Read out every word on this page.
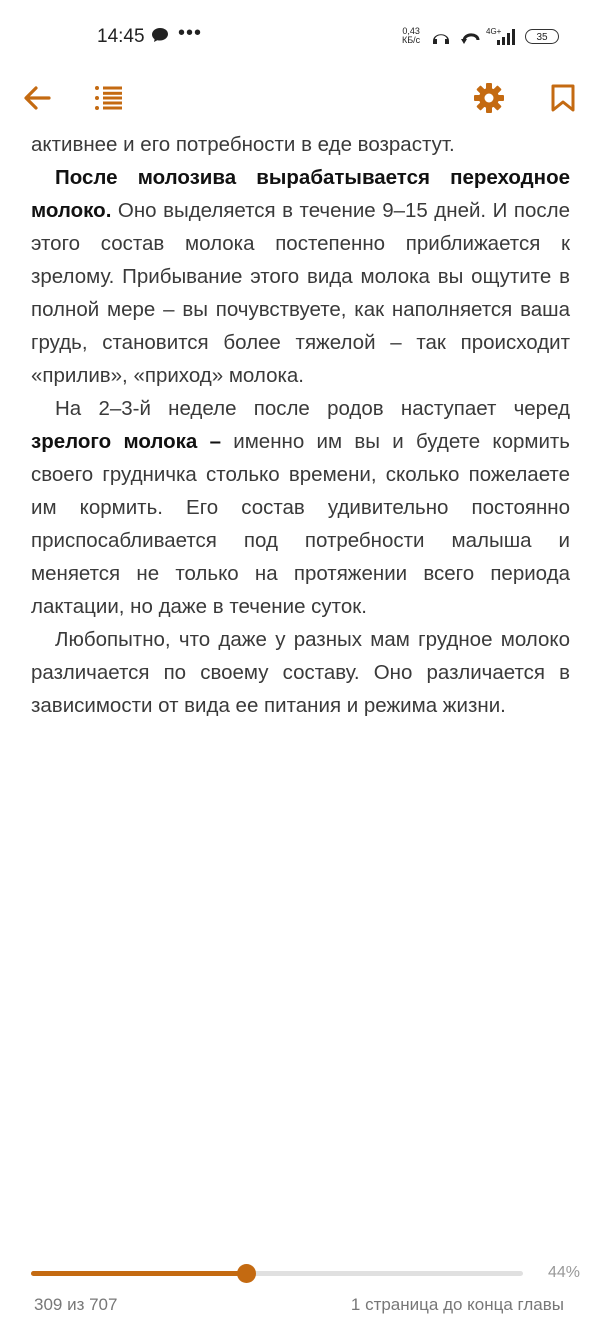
14:45 •••	0,43
КБ/с
4G+
35

активнее и его потребности в еде возрастут.

После молозива вырабатывается переходное молоко. Оно выделяется в течение 9–15 дней. И после этого состав молока постепенно приближается к зрелому. Прибывание этого вида молока вы ощутите в полной мере – вы почувствуете, как наполняется ваша грудь, становится более тяжелой – так происходит «прилив», «приход» молока.

На 2–3-й неделе после родов наступает черед зрелого молока – именно им вы и будете кормить своего грудничка столько времени, сколько пожелаете им кормить. Его состав удивительно постоянно приспосабливается под потребности малыша и меняется не только на протяжении всего периода лактации, но даже в течение суток.

Любопытно, что даже у разных мам грудное молоко различается по своему составу. Оно различается в зависимости от вида ее питания и режима жизни.

44%
309 из 707	1 страница до конца главы
